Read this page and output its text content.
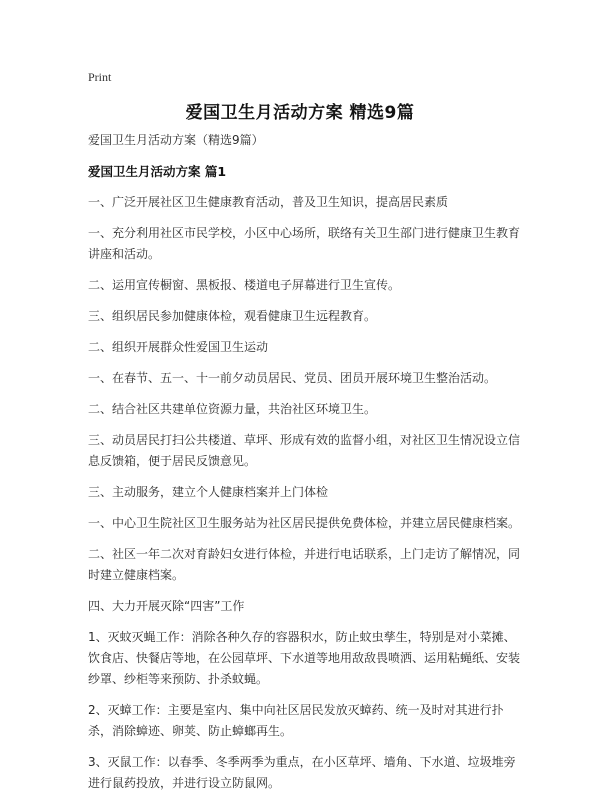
Print
爱国卫生月活动方案 精选9篇
爱国卫生月活动方案（精选9篇）
爱国卫生月活动方案 篇1
一、广泛开展社区卫生健康教育活动，普及卫生知识，提高居民素质
一、充分利用社区市民学校，小区中心场所，联络有关卫生部门进行健康卫生教育讲座和活动。
二、运用宣传橱窗、黑板报、楼道电子屏幕进行卫生宣传。
三、组织居民参加健康体检，观看健康卫生远程教育。
二、组织开展群众性爱国卫生运动
一、在春节、五一、十一前夕动员居民、党员、团员开展环境卫生整治活动。
二、结合社区共建单位资源力量，共治社区环境卫生。
三、动员居民打扫公共楼道、草坪、形成有效的监督小组，对社区卫生情况设立信息反馈箱，便于居民反馈意见。
三、主动服务，建立个人健康档案并上门体检
一、中心卫生院社区卫生服务站为社区居民提供免费体检，并建立居民健康档案。
二、社区一年二次对育龄妇女进行体检，并进行电话联系，上门走访了解情况，同时建立健康档案。
四、大力开展灭除“四害”工作
1、灭蚊灭蝇工作：消除各种久存的容器积水，防止蚊虫孳生，特别是对小菜摊、饮食店、快餐店等地，在公园草坪、下水道等地用敌敌畏喷洒、运用粘蝇纸、安装纱罩、纱柜等来预防、扑杀蚊蝇。
2、灭蟑工作：主要是室内、集中向社区居民发放灭蟑药、统一及时对其进行扑杀，消除蟑迹、卵荚、防止蟑螂再生。
3、灭鼠工作：以春季、冬季两季为重点，在小区草坪、墙角、下水道、垃圾堆旁进行鼠药投放，并进行设立防鼠网。
